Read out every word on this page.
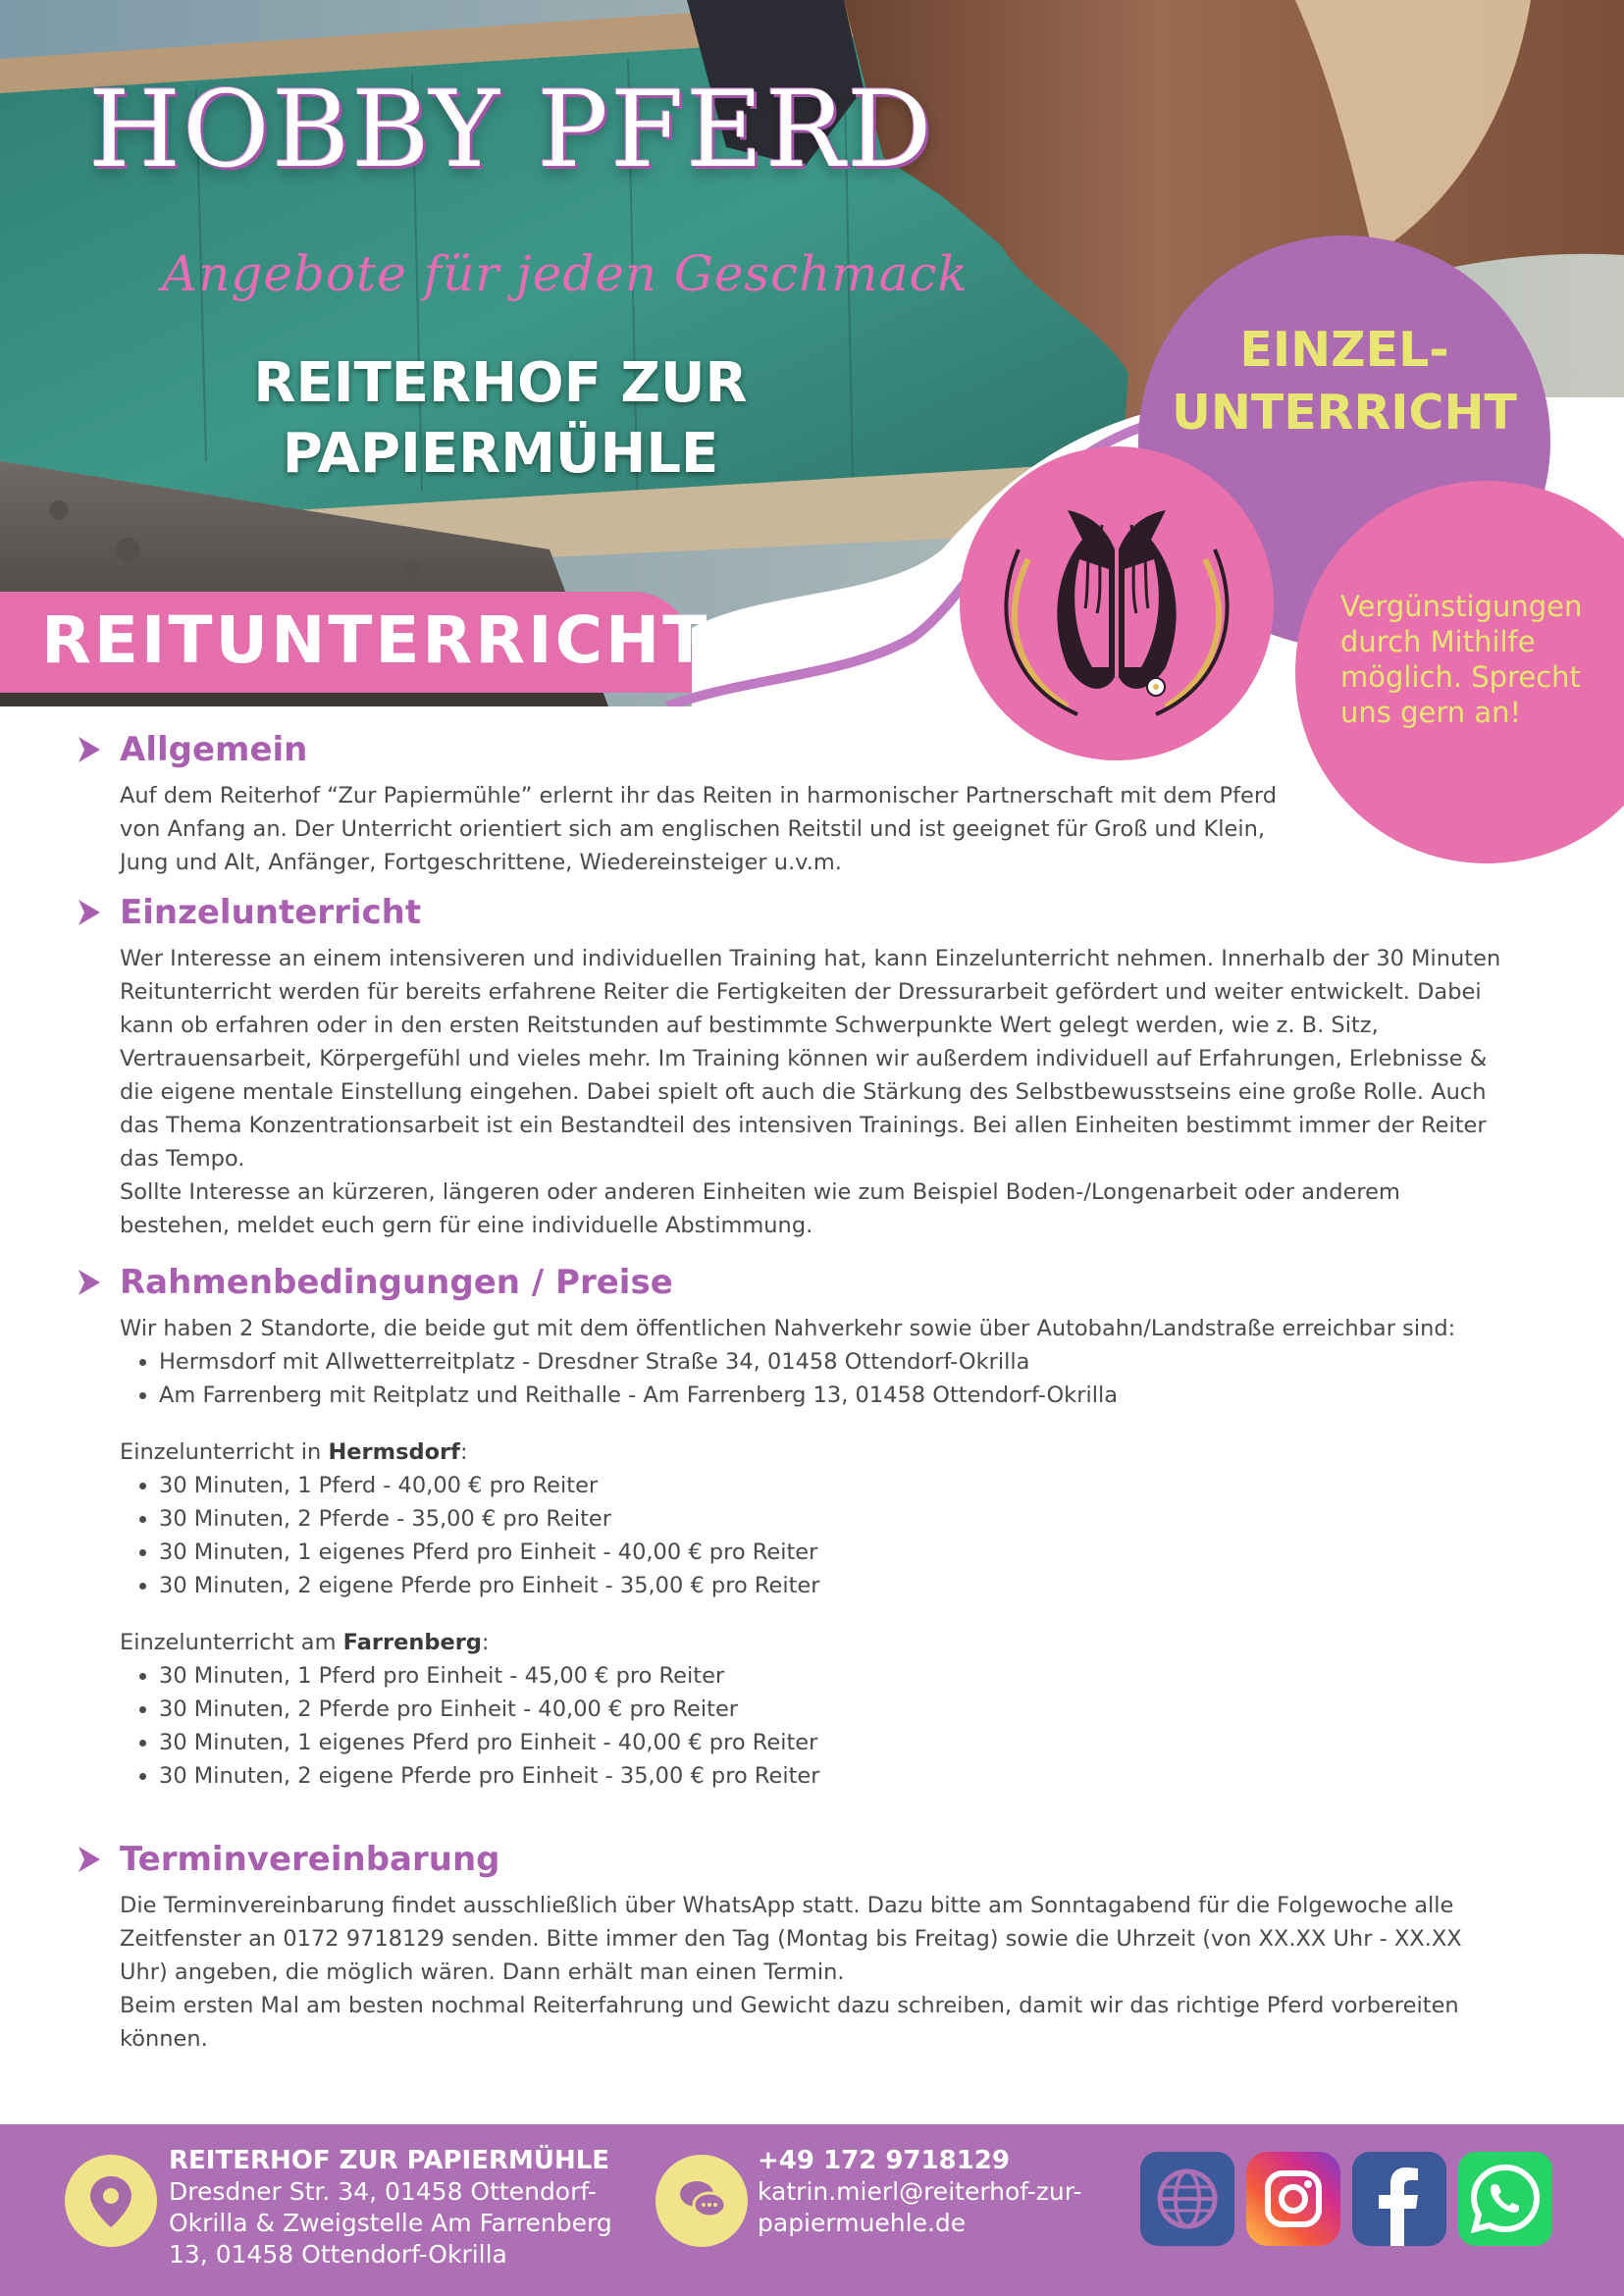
HOBBY PFERD
Angebote für jeden Geschmack
REITERHOF ZUR
PAPIERMÜHLE
REITUNTERRICHT
EINZEL-
UNTERRICHT
Vergünstigungen durch Mithilfe möglich. Sprecht uns gern an!
Allgemein

Auf dem Reiterhof “Zur Papiermühle” erlernt ihr das Reiten in harmonischer Partnerschaft mit dem Pferd von Anfang an. Der Unterricht orientiert sich am englischen Reitstil und ist geeignet für Groß und Klein, Jung und Alt, Anfänger, Fortgeschrittene, Wiedereinsteiger u.v.m.

Einzelunterricht

Wer Interesse an einem intensiveren und individuellen Training hat, kann Einzelunterricht nehmen. Innerhalb der 30 Minuten Reitunterricht werden für bereits erfahrene Reiter die Fertigkeiten der Dressurarbeit gefördert und weiter entwickelt. Dabei kann ob erfahren oder in den ersten Reitstunden auf bestimmte Schwerpunkte Wert gelegt werden, wie z. B. Sitz, Vertrauensarbeit, Körpergefühl und vieles mehr. Im Training können wir außerdem individuell auf Erfahrungen, Erlebnisse & die eigene mentale Einstellung eingehen. Dabei spielt oft auch die Stärkung des Selbstbewusstseins eine große Rolle. Auch das Thema Konzentrationsarbeit ist ein Bestandteil des intensiven Trainings. Bei allen Einheiten bestimmt immer der Reiter das Tempo.

Sollte Interesse an kürzeren, längeren oder anderen Einheiten wie zum Beispiel Boden-/Longenarbeit oder anderem bestehen, meldet euch gern für eine individuelle Abstimmung.

Rahmenbedingungen / Preise

Wir haben 2 Standorte, die beide gut mit dem öffentlichen Nahverkehr sowie über Autobahn/Landstraße erreichbar sind:

• Hermsdorf mit Allwetterreitplatz - Dresdner Straße 34, 01458 Ottendorf-Okrilla
• Am Farrenberg mit Reitplatz und Reithalle - Am Farrenberg 13, 01458 Ottendorf-Okrilla
Einzelunterricht in Hermsdorf:
• 30 Minuten, 1 Pferd - 40,00 € pro Reiter
• 30 Minuten, 2 Pferde - 35,00 € pro Reiter
• 30 Minuten, 1 eigenes Pferd pro Einheit - 40,00 € pro Reiter
• 30 Minuten, 2 eigene Pferde pro Einheit - 35,00 € pro Reiter
Einzelunterricht am Farrenberg:
• 30 Minuten, 1 Pferd pro Einheit - 45,00 € pro Reiter
• 30 Minuten, 2 Pferde pro Einheit - 40,00 € pro Reiter
• 30 Minuten, 1 eigenes Pferd pro Einheit - 40,00 € pro Reiter
• 30 Minuten, 2 eigene Pferde pro Einheit - 35,00 € pro Reiter
Terminvereinbarung

Die Terminvereinbarung findet ausschließlich über WhatsApp statt. Dazu bitte am Sonntagabend für die Folgewoche alle Zeitfenster an 0172 9718129 senden. Bitte immer den Tag (Montag bis Freitag) sowie die Uhrzeit (von XX.XX Uhr - XX.XX Uhr) angeben, die möglich wären. Dann erhält man einen Termin.

Beim ersten Mal am besten nochmal Reiterfahrung und Gewicht dazu schreiben, damit wir das richtige Pferd vorbereiten können.

REITERHOF ZUR PAPIERMÜHLE
Dresdner Str. 34, 01458 Ottendorf-
Okrilla & Zweigstelle Am Farrenberg
13, 01458 Ottendorf-Okrilla
+49 172 9718129
katrin.mierl@reiterhof-zur-
papiermuehle.de
